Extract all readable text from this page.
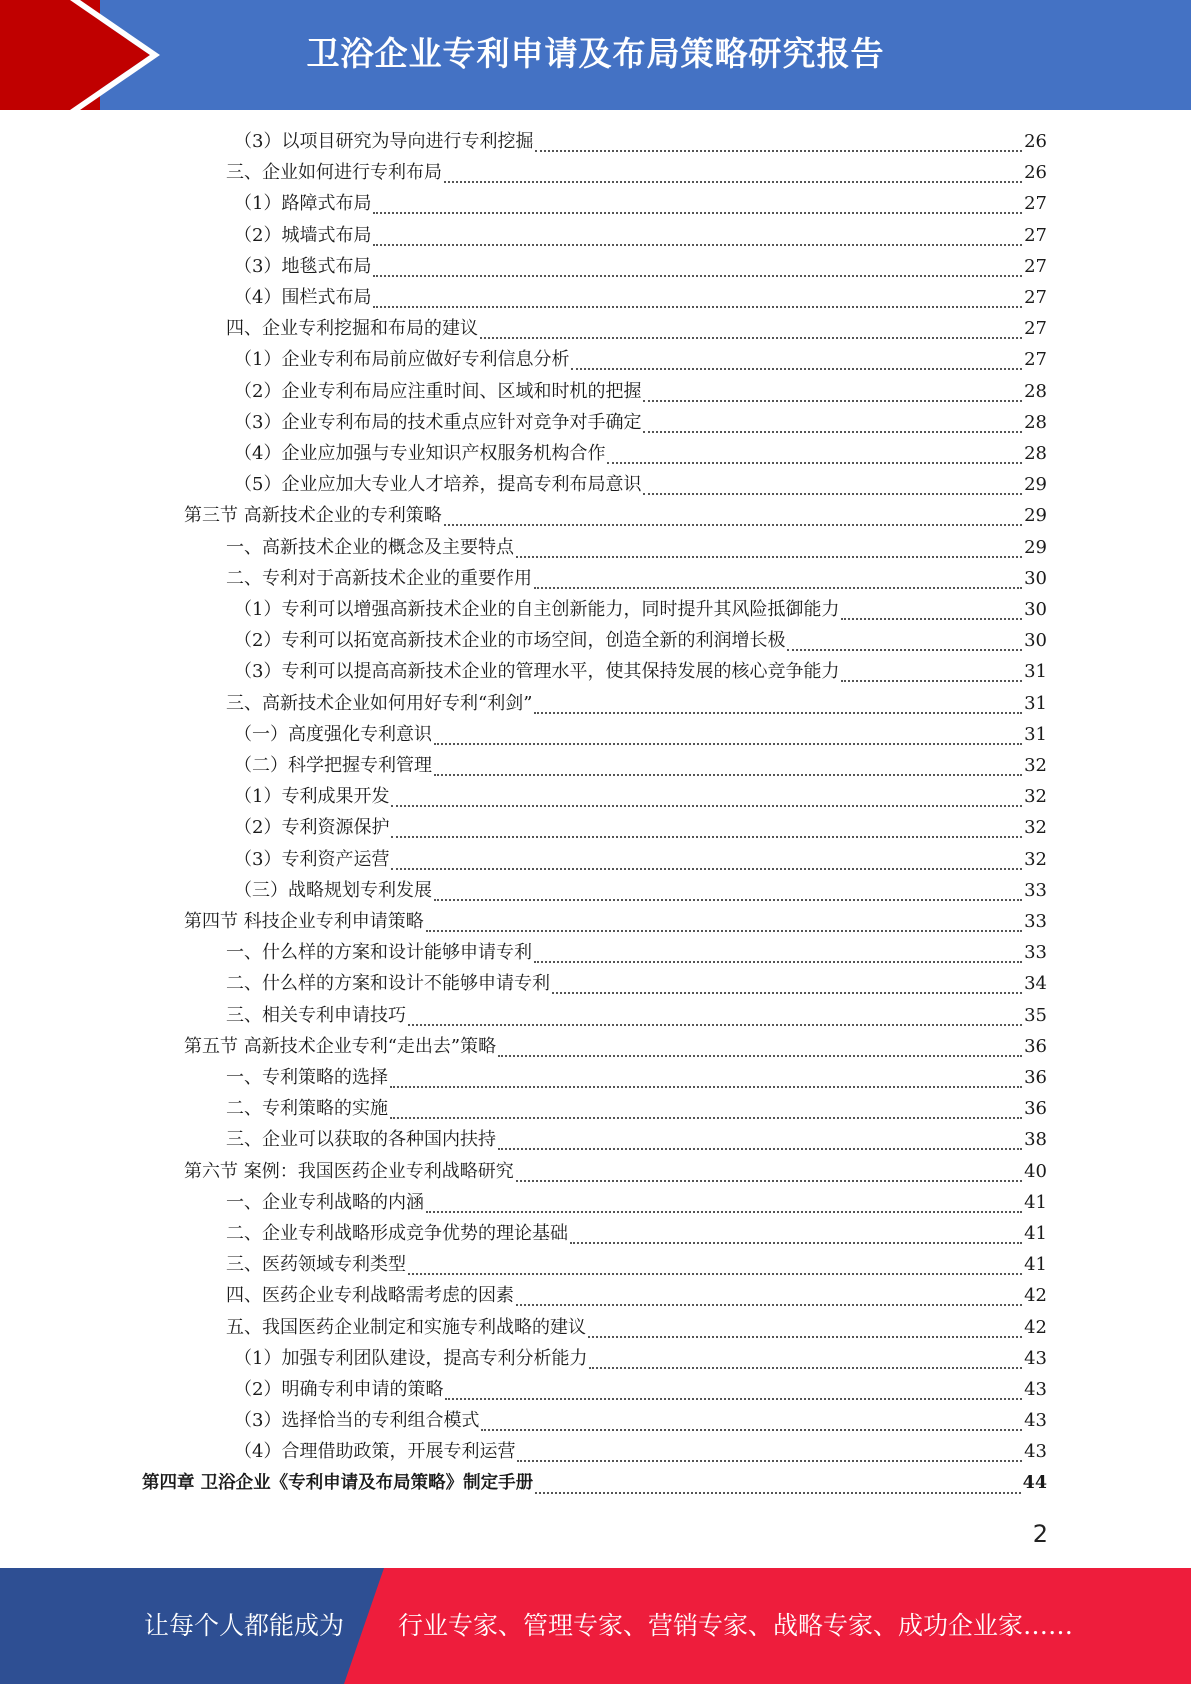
卫浴企业专利申请及布局策略研究报告
（3）以项目研究为导向进行专利挖掘	26
三、企业如何进行专利布局	26
（1）路障式布局	27
（2）城墙式布局	27
（3）地毯式布局	27
（4）围栏式布局	27
四、企业专利挖掘和布局的建议	27
（1）企业专利布局前应做好专利信息分析	27
（2）企业专利布局应注重时间、区域和时机的把握	28
（3）企业专利布局的技术重点应针对竞争对手确定	28
（4）企业应加强与专业知识产权服务机构合作	28
（5）企业应加大专业人才培养，提高专利布局意识	29
第三节 高新技术企业的专利策略	29
一、高新技术企业的概念及主要特点	29
二、专利对于高新技术企业的重要作用	30
（1）专利可以增强高新技术企业的自主创新能力，同时提升其风险抵御能力	30
（2）专利可以拓宽高新技术企业的市场空间，创造全新的利润增长极	30
（3）专利可以提高高新技术企业的管理水平，使其保持发展的核心竞争能力	31
三、高新技术企业如何用好专利“利剑”	31
（一）高度强化专利意识	31
（二）科学把握专利管理	32
（1）专利成果开发	32
（2）专利资源保护	32
（3）专利资产运营	32
（三）战略规划专利发展	33
第四节 科技企业专利申请策略	33
一、什么样的方案和设计能够申请专利	33
二、什么样的方案和设计不能够申请专利	34
三、相关专利申请技巧	35
第五节 高新技术企业专利“走出去”策略	36
一、专利策略的选择	36
二、专利策略的实施	36
三、企业可以获取的各种国内扶持	38
第六节 案例：我国医药企业专利战略研究	40
一、企业专利战略的内涵	41
二、企业专利战略形成竞争优势的理论基础	41
三、医药领域专利类型	41
四、医药企业专利战略需考虑的因素	42
五、我国医药企业制定和实施专利战略的建议	42
（1）加强专利团队建设，提高专利分析能力	43
（2）明确专利申请的策略	43
（3）选择恰当的专利组合模式	43
（4）合理借助政策，开展专利运营	43
第四章 卫浴企业《专利申请及布局策略》制定手册	44
2
让每个人都能成为 行业专家、管理专家、营销专家、战略专家、成功企业家……
